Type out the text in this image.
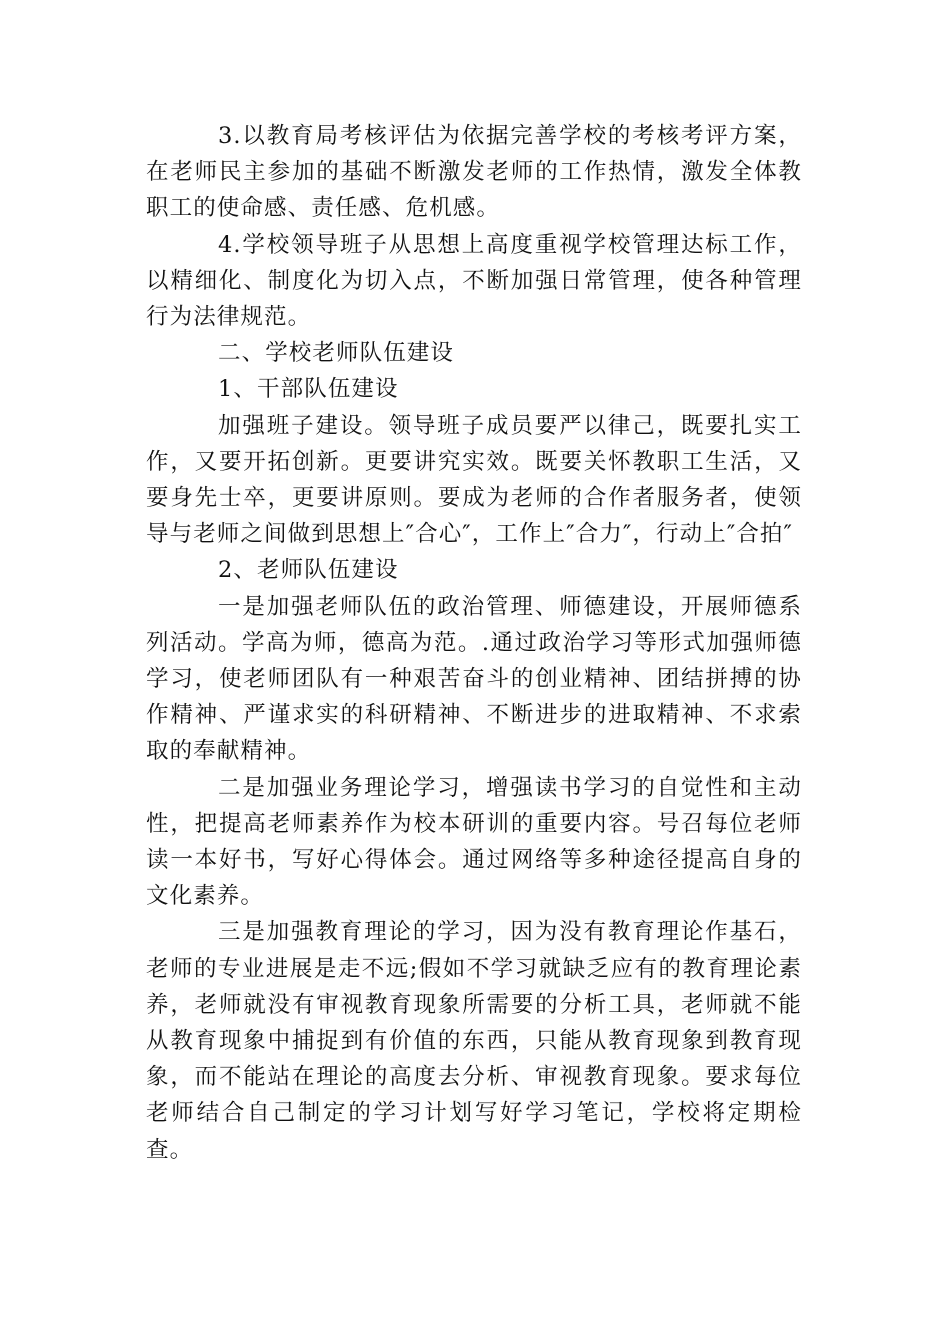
3.以教育局考核评估为依据完善学校的考核考评方案，在老师民主参加的基础不断激发老师的工作热情，激发全体教职工的使命感、责任感、危机感。

4.学校领导班子从思想上高度重视学校管理达标工作，以精细化、制度化为切入点，不断加强日常管理，使各种管理行为法律规范。

二、学校老师队伍建设

1、干部队伍建设

加强班子建设。领导班子成员要严以律己，既要扎实工作，又要开拓创新。更要讲究实效。既要关怀教职工生活，又要身先士卒，更要讲原则。要成为老师的合作者服务者，使领导与老师之间做到思想上″合心″，工作上″合力″，行动上″合拍″

2、老师队伍建设

一是加强老师队伍的政治管理、师德建设，开展师德系列活动。学高为师，德高为范。.通过政治学习等形式加强师德学习，使老师团队有一种艰苦奋斗的创业精神、团结拼搏的协作精神、严谨求实的科研精神、不断进步的进取精神、不求索取的奉献精神。

二是加强业务理论学习，增强读书学习的自觉性和主动性，把提高老师素养作为校本研训的重要内容。号召每位老师读一本好书，写好心得体会。通过网络等多种途径提高自身的文化素养。

三是加强教育理论的学习，因为没有教育理论作基石，老师的专业进展是走不远;假如不学习就缺乏应有的教育理论素养，老师就没有审视教育现象所需要的分析工具，老师就不能从教育现象中捕捉到有价值的东西，只能从教育现象到教育现象，而不能站在理论的高度去分析、审视教育现象。要求每位老师结合自己制定的学习计划写好学习笔记，学校将定期检查。
